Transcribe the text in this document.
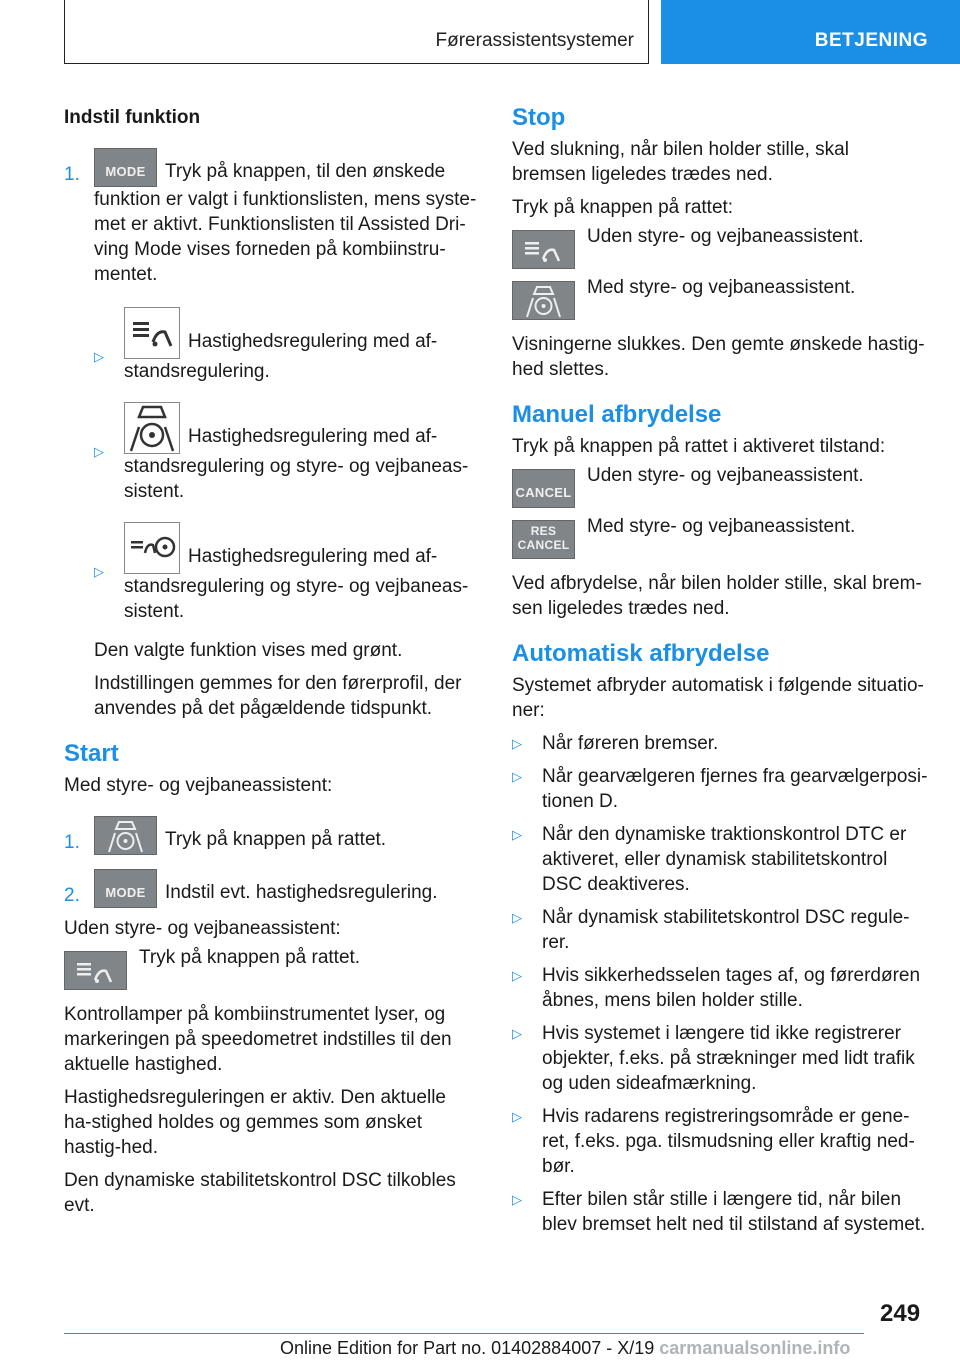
Førerassistentsystemer	BETJENING
Indstil funktion
1.	MODE	Tryk på knappen, til den ønskede funktion er valgt i funktionslisten, mens syste‐met er aktivt. Funktionslisten til Assisted Dri‐ving Mode vises forneden på kombiinstru‐mentet.
▷
Hastighedsregulering med af‐standsregulering.
▷
Hastighedsregulering med af‐standsregulering og styre- og vejbaneas‐sistent.
▷
Hastighedsregulering med af‐standsregulering og styre- og vejbaneas‐sistent.

Den valgte funktion vises med grønt.

Indstillingen gemmes for den førerprofil, der anvendes på det pågældende tidspunkt.

Start

Med styre- og vejbaneassistent:

1.	Tryk på knappen på rattet.
2.	MODE	Indstil evt. hastighedsregulering.

Uden styre- og vejbaneassistent:

Tryk på knappen på rattet.

Kontrollamper på kombiinstrumentet lyser, og markeringen på speedometret indstilles til den aktuelle hastighed.

Hastighedsreguleringen er aktiv. Den aktuelle ha‐stighed holdes og gemmes som ønsket hastig‐hed.

Den dynamiske stabilitetskontrol DSC tilkobles evt.

Stop

Ved slukning, når bilen holder stille, skal bremsen ligeledes trædes ned.

Tryk på knappen på rattet:

Uden styre- og vejbaneassistent.
Med styre- og vejbaneassistent.

Visningerne slukkes. Den gemte ønskede hastig‐hed slettes.

Manuel afbrydelse

Tryk på knappen på rattet i aktiveret tilstand:

CANCEL
Uden styre- og vejbaneassistent.
RES
CANCEL
Med styre- og vejbaneassistent.

Ved afbrydelse, når bilen holder stille, skal brem‐sen ligeledes trædes ned.

Automatisk afbrydelse

Systemet afbryder automatisk i følgende situatio‐ner:

▷ Når føreren bremser.
▷ Når gearvælgeren fjernes fra gearvælgerposi‐tionen D.
▷ Når den dynamiske traktionskontrol DTC er aktiveret, eller dynamisk stabilitetskontrol DSC deaktiveres.
▷ Når dynamisk stabilitetskontrol DSC regule‐rer.
▷ Hvis sikkerhedsselen tages af, og førerdøren åbnes, mens bilen holder stille.
▷ Hvis systemet i længere tid ikke registrerer objekter, f.eks. på strækninger med lidt trafik og uden sideafmærkning.
▷ Hvis radarens registreringsområde er gene‐ret, f.eks. pga. tilsmudsning eller kraftig ned‐bør.
▷ Efter bilen står stille i længere tid, når bilen blev bremset helt ned til stilstand af systemet.
249
Online Edition for Part no. 01402884007 - X/19 carmanualsonline.info
